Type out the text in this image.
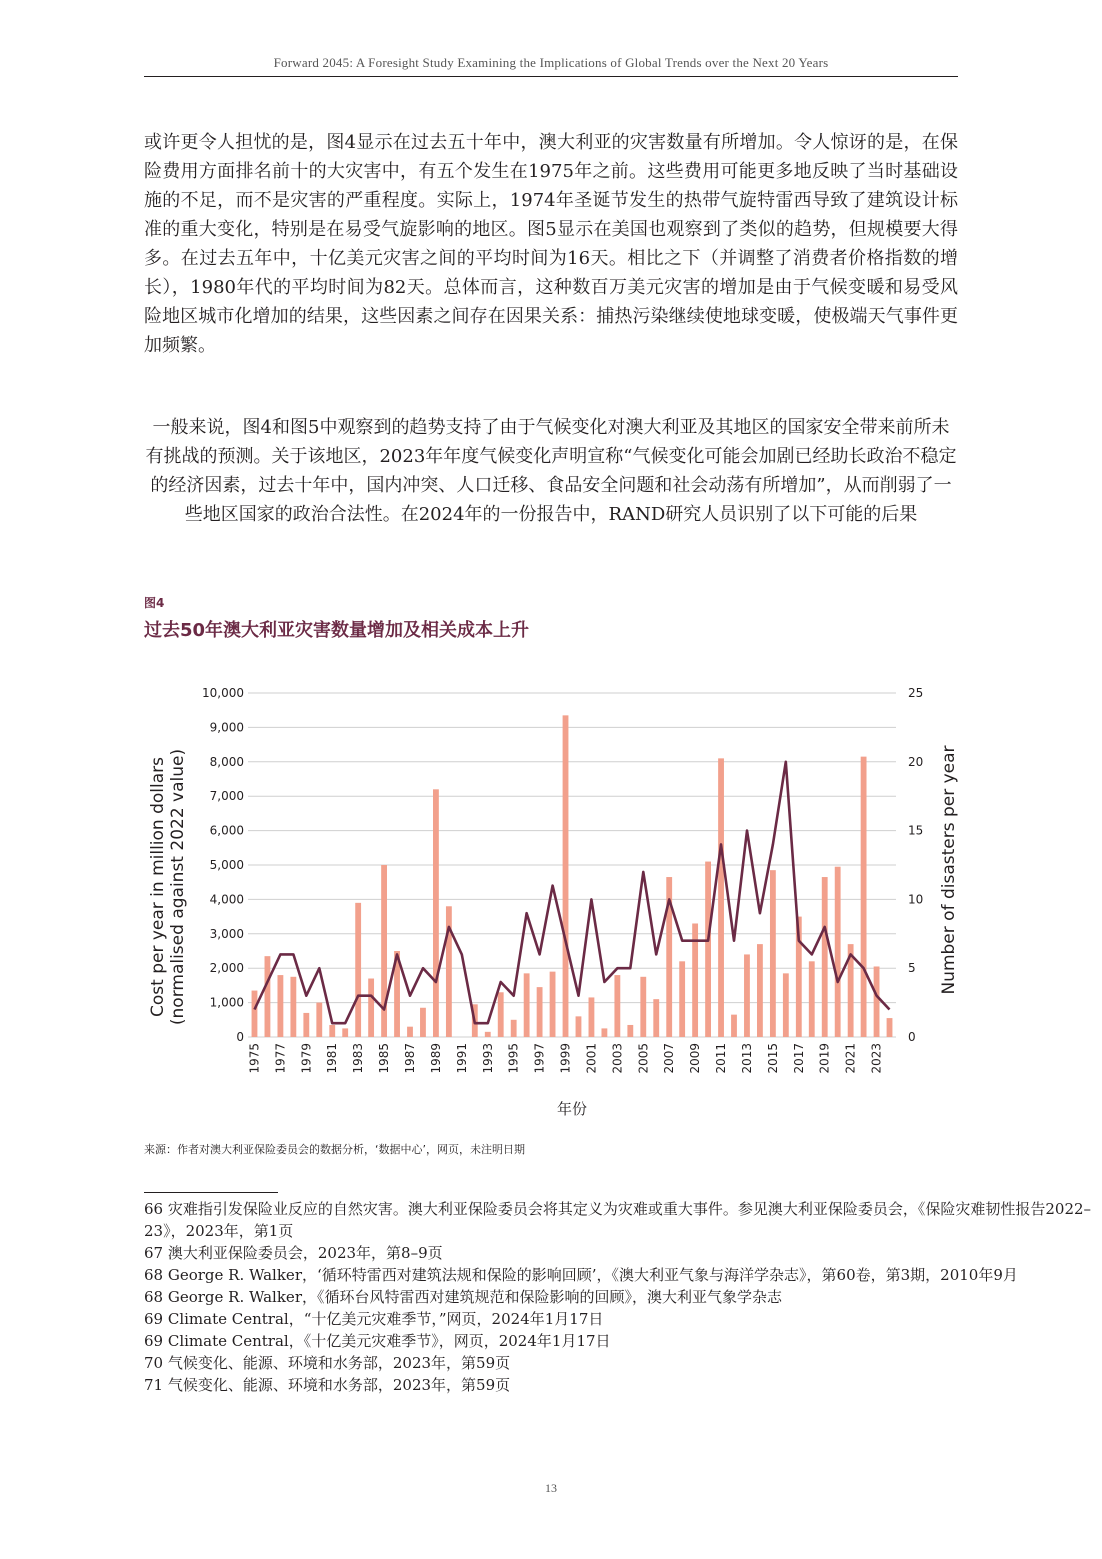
Forward 2045: A Foresight Study Examining the Implications of Global Trends over the Next 20 Years

或许更令人担忧的是，图4显示在过去五十年中，澳大利亚的灾害数量有所增加。令人惊讶的是，在保险费用方面排名前十的大灾害中，有五个发生在1975年之前。这些费用可能更多地反映了当时基础设施的不足，而不是灾害的严重程度。实际上，1974年圣诞节发生的热带气旋特雷西导致了建筑设计标准的重大变化，特别是在易受气旋影响的地区。图5显示在美国也观察到了类似的趋势，但规模要大得多。在过去五年中，十亿美元灾害之间的平均时间为16天。相比之下（并调整了消费者价格指数的增长），1980年代的平均时间为82天。总体而言，这种数百万美元灾害的增加是由于气候变暖和易受风险地区城市化增加的结果，这些因素之间存在因果关系：捕热污染继续使地球变暖，使极端天气事件更加频繁。

一般来说，图4和图5中观察到的趋势支持了由于气候变化对澳大利亚及其地区的国家安全带来前所未有挑战的预测。关于该地区，2023年年度气候变化声明宣称“气候变化可能会加剧已经助长政治不稳定的经济因素，过去十年中，国内冲突、人口迁移、食品安全问题和社会动荡有所增加”，从而削弱了一些地区国家的政治合法性。在2024年的一份报告中，RAND研究人员识别了以下可能的后果

图4
过去50年澳大利亚灾害数量增加及相关成本上升
0
1,000
2,000
3,000
4,000
5,000
6,000
7,000
8,000
9,000
10,000
0
5
10
15
20
25
1975 1977 1979 1981 1983 1985 1987 1989 1991 1993 1995 1997 1999 2001 2003 2005 2007 2009 2011 2013 2015 2017 2019 2021 2023
Cost per year in million dollars (normalised against 2022 value)	Number of disasters per year
年份
来源：作者对澳大利亚保险委员会的数据分析，‘数据中心’，网页，未注明日期
66 灾难指引发保险业反应的自然灾害。澳大利亚保险委员会将其定义为灾难或重大事件。参见澳大利亚保险委员会，《保险灾难韧性报告2022–23》，2023年，第1页
67 澳大利亚保险委员会，2023年，第8–9页
68 George R. Walker，‘循环特雷西对建筑法规和保险的影响回顾’，《澳大利亚气象与海洋学杂志》，第60卷，第3期，2010年9月
68 George R. Walker，《循环台风特雷西对建筑规范和保险影响的回顾》，澳大利亚气象学杂志
69 Climate Central，“十亿美元灾难季节，”网页，2024年1月17日
69 Climate Central，《十亿美元灾难季节》，网页，2024年1月17日
70 气候变化、能源、环境和水务部，2023年，第59页
71 气候变化、能源、环境和水务部，2023年，第59页
13
